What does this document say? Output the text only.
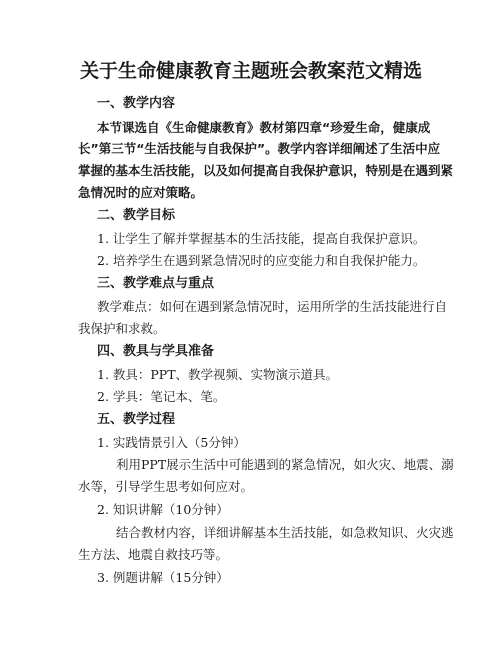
关于生命健康教育主题班会教案范文精选
一、教学内容
本节课选自《生命健康教育》教材第四章“珍爱生命，健康成
长”第三节“生活技能与自我保护”。教学内容详细阐述了生活中应
掌握的基本生活技能，以及如何提高自我保护意识，特别是在遇到紧
急情况时的应对策略。
二、教学目标
1. 让学生了解并掌握基本的生活技能，提高自我保护意识。
2. 培养学生在遇到紧急情况时的应变能力和自我保护能力。
三、教学难点与重点
教学难点：如何在遇到紧急情况时，运用所学的生活技能进行自
我保护和求救。
四、教具与学具准备
1. 教具：PPT、教学视频、实物演示道具。
2. 学具：笔记本、笔。
五、教学过程
1. 实践情景引入（5分钟）
利用PPT展示生活中可能遇到的紧急情况，如火灾、地震、溺
水等，引导学生思考如何应对。
2. 知识讲解（10分钟）
结合教材内容，详细讲解基本生活技能，如急救知识、火灾逃
生方法、地震自救技巧等。
3. 例题讲解（15分钟）
